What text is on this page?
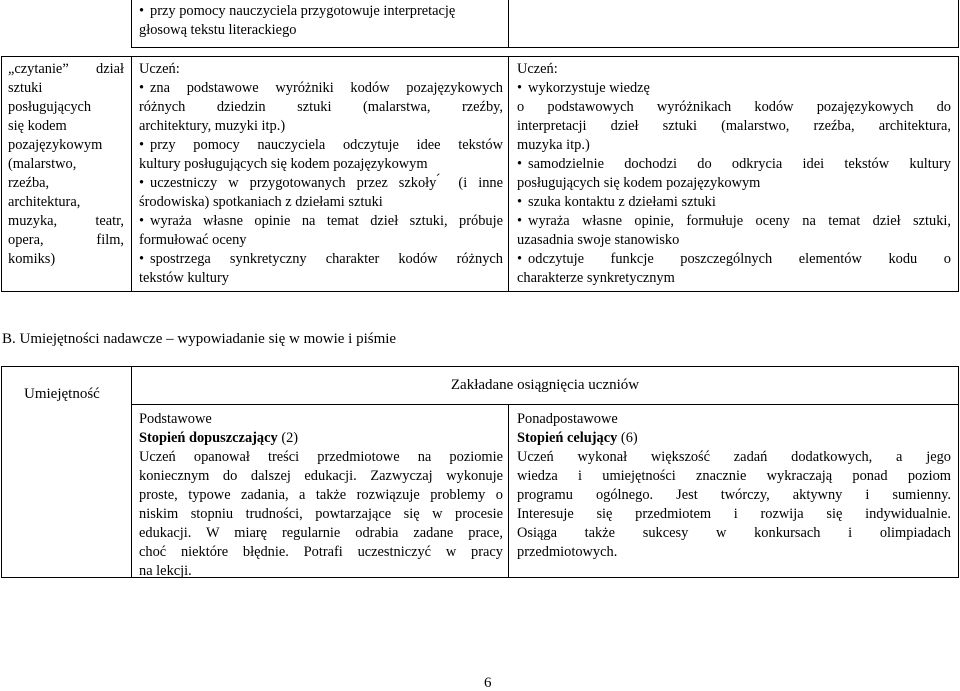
• przy pomocy nauczyciela przygotowuje interpretację
głosową tekstu literackiego
„czytanie” dział
sztuki
posługujących
się kodem
pozajęzykowym
(malarstwo,
rzeźba,
architektura,
muzyka, teatr,
opera, film,
komiks)
Uczeń:
• zna podstawowe wyróżniki kodów pozajęzykowych
różnych dziedzin sztuki (malarstwa, rzeźby,
architektury, muzyki itp.)
• przy pomocy nauczyciela odczytuje idee tekstów
kultury posługujących się kodem pozajęzykowym
• uczestniczy w przygotowanych przez szkoły ́ (i inne
środowiska) spotkaniach z dziełami sztuki
• wyraża własne opinie na temat dzieł sztuki, próbuje
formułować oceny
• spostrzega synkretyczny charakter kodów różnych
tekstów kultury
Uczeń:
• wykorzystuje wiedzę
o podstawowych wyróżnikach kodów pozajęzykowych do
interpretacji dzieł sztuki (malarstwo, rzeźba, architektura,
muzyka itp.)
• samodzielnie dochodzi do odkrycia idei tekstów kultury
posługujących się kodem pozajęzykowym
• szuka kontaktu z dziełami sztuki
• wyraża własne opinie, formułuje oceny na temat dzieł sztuki,
uzasadnia swoje stanowisko
• odczytuje funkcje poszczególnych elementów kodu o
charakterze synkretycznym
B. Umiejętności nadawcze – wypowiadanie się w mowie i piśmie
Umiejętność
Zakładane osiągnięcia uczniów
Podstawowe
Stopień dopuszczający (2)
Uczeń opanował treści przedmiotowe na poziomie
koniecznym do dalszej edukacji. Zazwyczaj wykonuje
proste, typowe zadania, a także rozwiązuje problemy o
niskim stopniu trudności, powtarzające się w procesie
edukacji. W miarę regularnie odrabia zadane prace,
choć niektóre błędnie. Potrafi uczestniczyć w pracy
na lekcji.
Ponadpostawowe
Stopień celujący (6)
Uczeń wykonał większość zadań dodatkowych, a jego
wiedza i umiejętności znacznie wykraczają ponad poziom
programu ogólnego. Jest twórczy, aktywny i sumienny.
Interesuje się przedmiotem i rozwija się indywidualnie.
Osiąga także sukcesy w konkursach i olimpiadach
przedmiotowych.
6
